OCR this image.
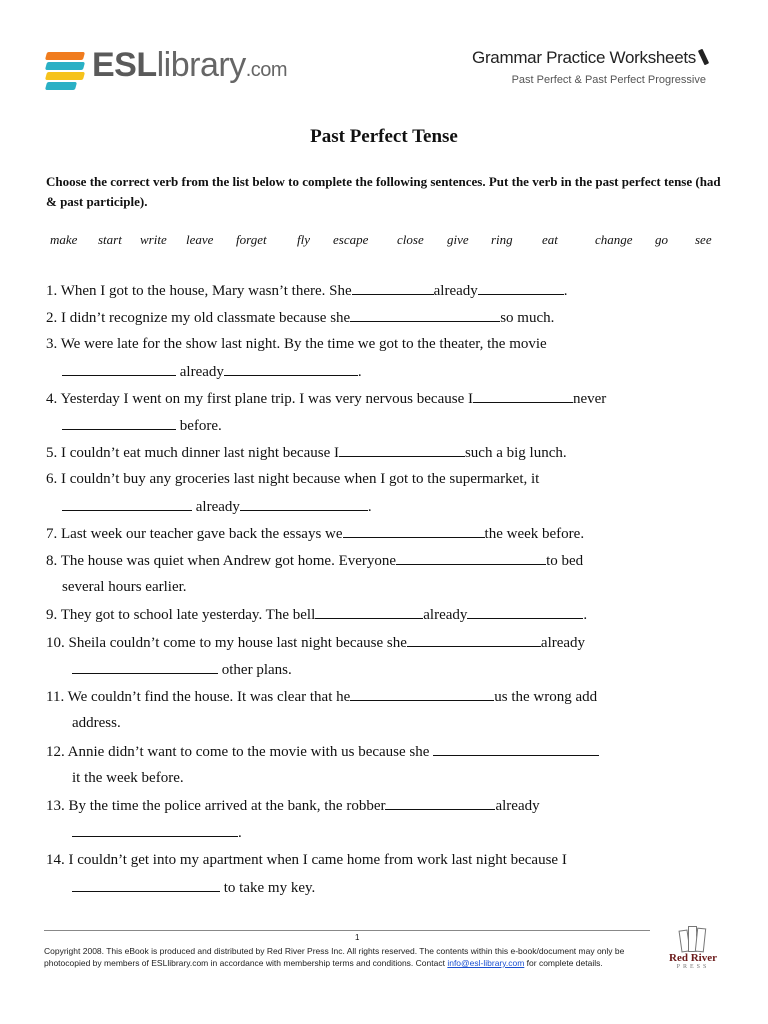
ESLlibrary.com
Grammar Practice Worksheets
Past Perfect & Past Perfect Progressive
Past Perfect Tense
Choose the correct verb from the list below to complete the following sentences. Put the verb in the past perfect tense (had & past participle).
make	start	write	leave	forget	fly	escape	close	give	ring	eat	change	go	see
1. When I got to the house, Mary wasn’t there. She	already	.
2. I didn’t recognize my old classmate because she	so much.
3. We were late for the show last night. By the time we got to the theater, the movie
already	.
4. Yesterday I went on my first plane trip. I was very nervous because I	never
before.
5. I couldn’t eat much dinner last night because I	such a big lunch.
6. I couldn’t buy any groceries last night because when I got to the supermarket, it
already	.
7. Last week our teacher gave back the essays we	the week before.
8. The house was quiet when Andrew got home. Everyone	to bed
several hours earlier.
9. They got to school late yesterday. The bell	already	.
10. Sheila couldn’t come to my house last night because she	already
other plans.
11. We couldn’t find the house. It was clear that he	us the wrong add
address.
12. Annie didn’t want to come to the movie with us because she
it the week before.
13. By the time the police arrived at the bank, the robber	already
.
14. I couldn’t get into my apartment when I came home from work last night because I
to take my key.
1
Copyright 2008. This eBook is produced and distributed by Red River Press Inc. All rights reserved. The contents within this e-book/document may only be photocopied by members of ESLlibrary.com in accordance with membership terms and conditions. Contact info@esl-library.com for complete details.	Red River
PRESS
